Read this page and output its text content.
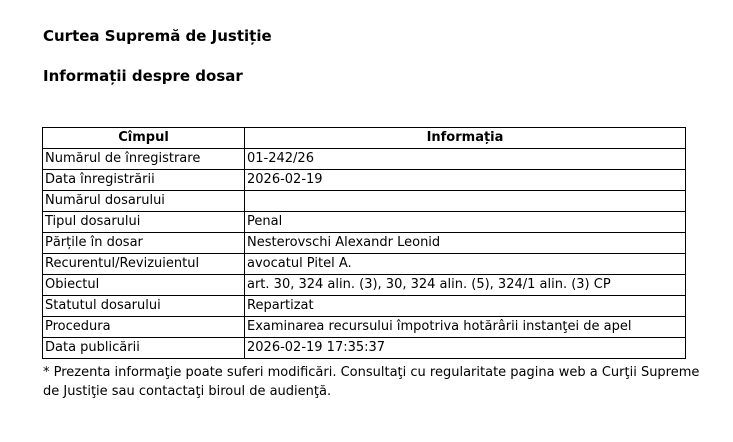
Curtea Supremă de Justiție
Informații despre dosar
Cîmpul	Informația
Numărul de înregistrare	01-242/26
Data înregistrării	2026-02-19
Numărul dosarului	
Tipul dosarului	Penal
Părțile în dosar	Nesterovschi Alexandr Leonid
Recurentul/Revizuientul	avocatul Pitel A.
Obiectul	art. 30, 324 alin. (3), 30, 324 alin. (5), 324/1 alin. (3) CP
Statutul dosarului	Repartizat
Procedura	Examinarea recursului împotriva hotărârii instanţei de apel
Data publicării	2026-02-19 17:35:37

* Prezenta informaţie poate suferi modificări. Consultaţi cu regularitate pagina web a Curţii Supreme de Justiţie sau contactaţi biroul de audienţă.
